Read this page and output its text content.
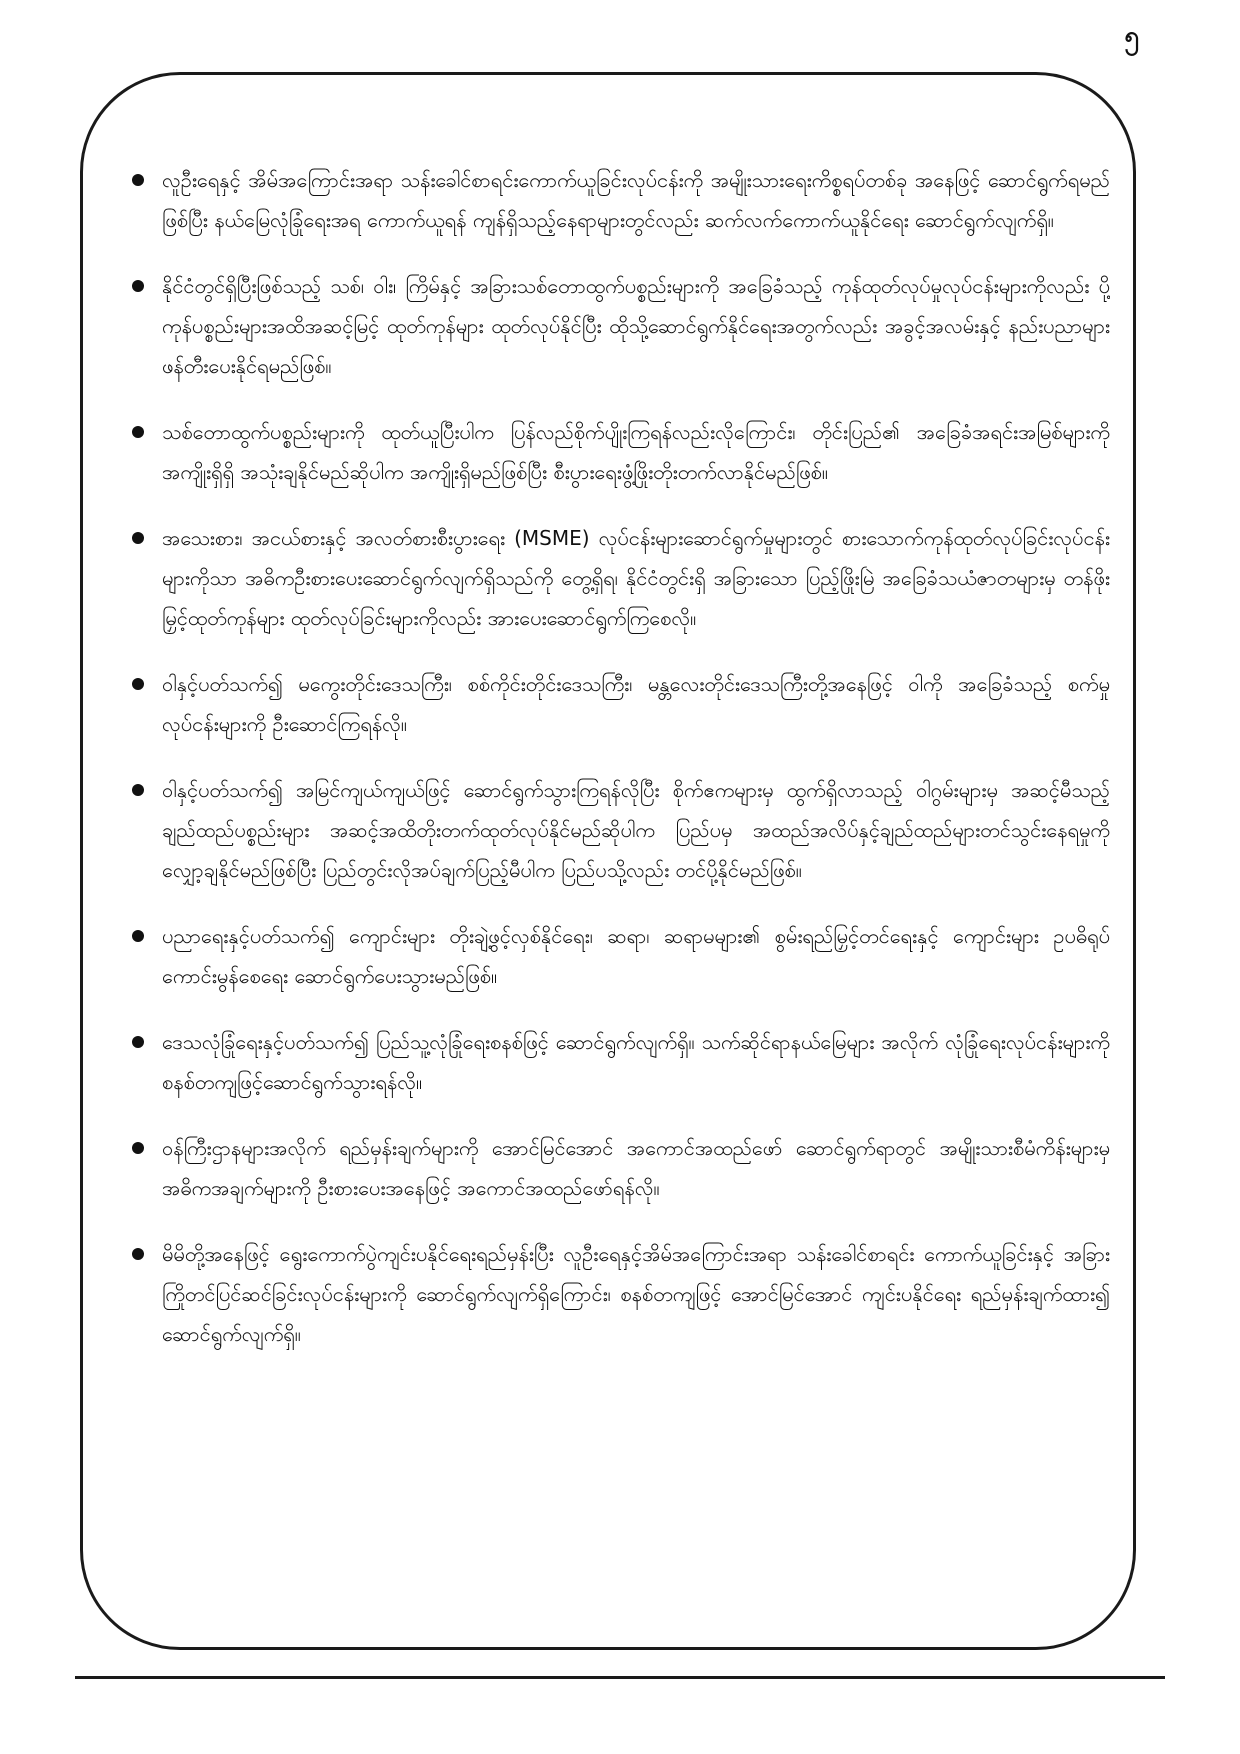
၅
လူဦးရေနှင့် အိမ်အကြောင်းအရာ သန်းခေါင်စာရင်းကောက်ယူခြင်းလုပ်ငန်းကို အမျိုးသားရေးကိစ္စရပ်တစ်ခု အနေဖြင့် ဆောင်ရွက်ရမည်ဖြစ်ပြီး နယ်မြေလုံခြုံရေးအရ ကောက်ယူရန် ကျန်ရှိသည့်နေရာများတွင်လည်း ဆက်လက်ကောက်ယူနိုင်ရေး ဆောင်ရွက်လျက်ရှိ။
နိုင်ငံတွင်ရှိပြီးဖြစ်သည့် သစ်၊ ဝါး၊ ကြိမ်နှင့် အခြားသစ်တောထွက်ပစ္စည်းများကို အခြေခံသည့် ကုန်ထုတ်လုပ်မှုလုပ်ငန်းများကိုလည်း ပို့ကုန်ပစ္စည်းများအထိအဆင့်မြင့် ထုတ်ကုန်များ ထုတ်လုပ်နိုင်ပြီး ထိုသို့ဆောင်ရွက်နိုင်ရေးအတွက်လည်း အခွင့်အလမ်းနှင့် နည်းပညာများ ဖန်တီးပေးနိုင်ရမည်ဖြစ်။
သစ်တောထွက်ပစ္စည်းများကို ထုတ်ယူပြီးပါက ပြန်လည်စိုက်ပျိုးကြရန်လည်းလိုကြောင်း၊ တိုင်းပြည်၏ အခြေခံအရင်းအမြစ်များကို အကျိုးရှိရှိ အသုံးချနိုင်မည်ဆိုပါက အကျိုးရှိမည်ဖြစ်ပြီး စီးပွားရေးဖွံ့ဖြိုးတိုးတက်လာနိုင်မည်ဖြစ်။
အသေးစား၊ အငယ်စားနှင့် အလတ်စားစီးပွားရေး (MSME) လုပ်ငန်းများဆောင်ရွက်မှုများတွင် စားသောက်ကုန်ထုတ်လုပ်ခြင်းလုပ်ငန်းများကိုသာ အဓိကဦးစားပေးဆောင်ရွက်လျက်ရှိသည်ကို တွေ့ရှိရ၊ နိုင်ငံတွင်းရှိ အခြားသော ပြည့်ဖြိုးမြဲ အခြေခံသယံဇာတများမှ တန်ဖိုးမြှင့်ထုတ်ကုန်များ ထုတ်လုပ်ခြင်းများကိုလည်း အားပေးဆောင်ရွက်ကြစေလို။
ဝါနှင့်ပတ်သက်၍ မကွေးတိုင်းဒေသကြီး၊ စစ်ကိုင်းတိုင်းဒေသကြီး၊ မန္တလေးတိုင်းဒေသကြီးတို့အနေဖြင့် ဝါကို အခြေခံသည့် စက်မှုလုပ်ငန်းများကို ဦးဆောင်ကြရန်လို။
ဝါနှင့်ပတ်သက်၍ အမြင်ကျယ်ကျယ်ဖြင့် ဆောင်ရွက်သွားကြရန်လိုပြီး စိုက်ဧကများမှ ထွက်ရှိလာသည့် ဝါဂွမ်းများမှ အဆင့်မီသည့်ချည်ထည်ပစ္စည်းများ အဆင့်အထိတိုးတက်ထုတ်လုပ်နိုင်မည်ဆိုပါက ပြည်ပမှ အထည်အလိပ်နှင့်ချည်ထည်များတင်သွင်းနေရမှုကို လျှော့ချနိုင်မည်ဖြစ်ပြီး ပြည်တွင်းလိုအပ်ချက်ပြည့်မီပါက ပြည်ပသို့လည်း တင်ပို့နိုင်မည်ဖြစ်။
ပညာရေးနှင့်ပတ်သက်၍ ကျောင်းများ တိုးချဲ့ဖွင့်လှစ်နိုင်ရေး၊ ဆရာ၊ ဆရာမများ၏ စွမ်းရည်မြှင့်တင်ရေးနှင့် ကျောင်းများ ဥပဓိရုပ်ကောင်းမွန်စေရေး ဆောင်ရွက်ပေးသွားမည်ဖြစ်။
ဒေသလုံခြုံရေးနှင့်ပတ်သက်၍ ပြည်သူ့လုံခြုံရေးစနစ်ဖြင့် ဆောင်ရွက်လျက်ရှိ။ သက်ဆိုင်ရာနယ်မြေများ အလိုက် လုံခြုံရေးလုပ်ငန်းများကို စနစ်တကျဖြင့်ဆောင်ရွက်သွားရန်လို။
ဝန်ကြီးဌာနများအလိုက် ရည်မှန်းချက်များကို အောင်မြင်အောင် အကောင်အထည်ဖော် ဆောင်ရွက်ရာတွင် အမျိုးသားစီမံကိန်းများမှ အဓိကအချက်များကို ဦးစားပေးအနေဖြင့် အကောင်အထည်ဖော်ရန်လို။
မိမိတို့အနေဖြင့် ရွေးကောက်ပွဲကျင်းပနိုင်ရေးရည်မှန်းပြီး လူဦးရေနှင့်အိမ်အကြောင်းအရာ သန်းခေါင်စာရင်း ကောက်ယူခြင်းနှင့် အခြားကြိုတင်ပြင်ဆင်ခြင်းလုပ်ငန်းများကို ဆောင်ရွက်လျက်ရှိကြောင်း၊ စနစ်တကျဖြင့် အောင်မြင်အောင် ကျင်းပနိုင်ရေး ရည်မှန်းချက်ထား၍ ဆောင်ရွက်လျက်ရှိ။
